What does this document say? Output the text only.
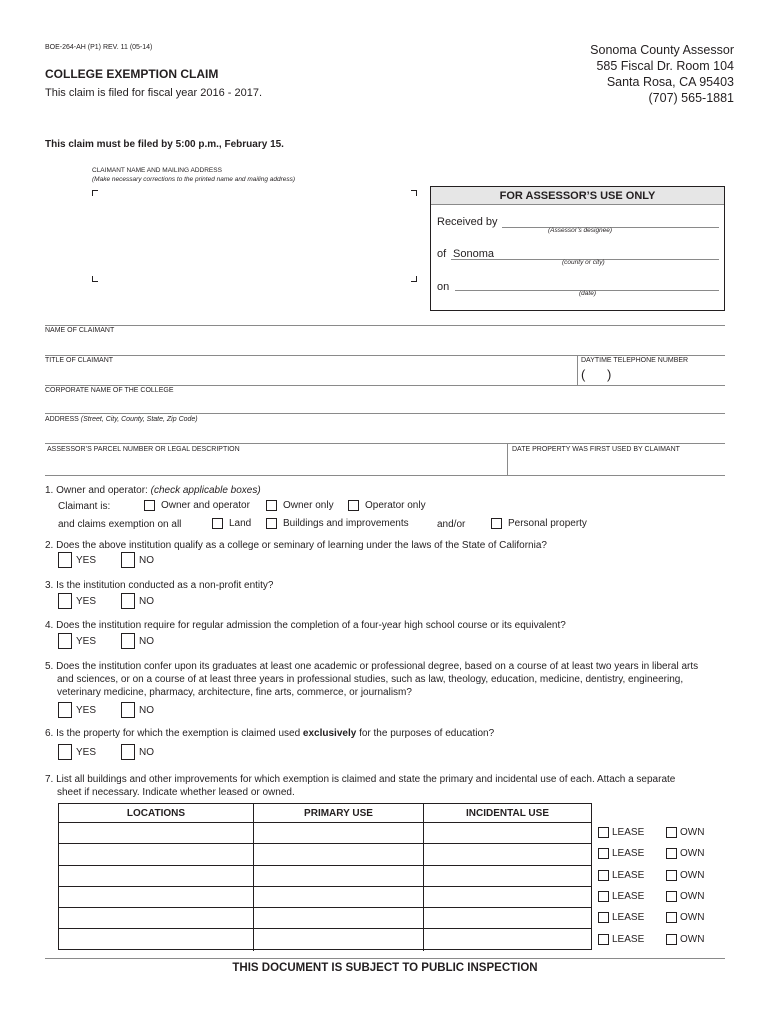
BOE-264-AH (P1) REV. 11 (05-14)
COLLEGE EXEMPTION CLAIM
This claim is filed for fiscal year 2016 - 2017.
Sonoma County Assessor
585 Fiscal Dr. Room 104
Santa Rosa, CA 95403
(707) 565-1881
This claim must be filed by 5:00 p.m., February 15.
CLAIMANT NAME AND MAILING ADDRESS
(Make necessary corrections to the printed name and mailing address)
FOR ASSESSOR’S USE ONLY
Received by
(Assessor’s designee)
of Sonoma
(county or city)
on
(date)
NAME OF CLAIMANT
TITLE OF CLAIMANT	DAYTIME TELEPHONE NUMBER
(      )
CORPORATE NAME OF THE COLLEGE
ADDRESS (Street, City, County, State, Zip Code)
ASSESSOR’S PARCEL NUMBER OR LEGAL DESCRIPTION	DATE PROPERTY WAS FIRST USED BY CLAIMANT
1. Owner and operator: (check applicable boxes)
Claimant is:	Owner and operator	Owner only	Operator only
and claims exemption on all	Land	Buildings and improvements	and/or	Personal property
2. Does the above institution qualify as a college or seminary of learning under the laws of the State of California?
YES	NO
3. Is the institution conducted as a non-profit entity?
YES	NO
4. Does the institution require for regular admission the completion of a four-year high school course or its equivalent?
YES	NO
5. Does the institution confer upon its graduates at least one academic or professional degree, based on a course of at least two years in liberal arts
and sciences, or on a course of at least three years in professional studies, such as law, theology, education, medicine, dentistry, engineering,
veterinary medicine, pharmacy, architecture, fine arts, commerce, or journalism?
YES	NO
6. Is the property for which the exemption is claimed used exclusively for the purposes of education?
YES	NO
7. List all buildings and other improvements for which exemption is claimed and state the primary and incidental use of each. Attach a separate
sheet if necessary. Indicate whether leased or owned.
LOCATIONS	PRIMARY USE	INCIDENTAL USE
LEASE	OWN
LEASE	OWN
LEASE	OWN
LEASE	OWN
LEASE	OWN
LEASE	OWN
THIS DOCUMENT IS SUBJECT TO PUBLIC INSPECTION
